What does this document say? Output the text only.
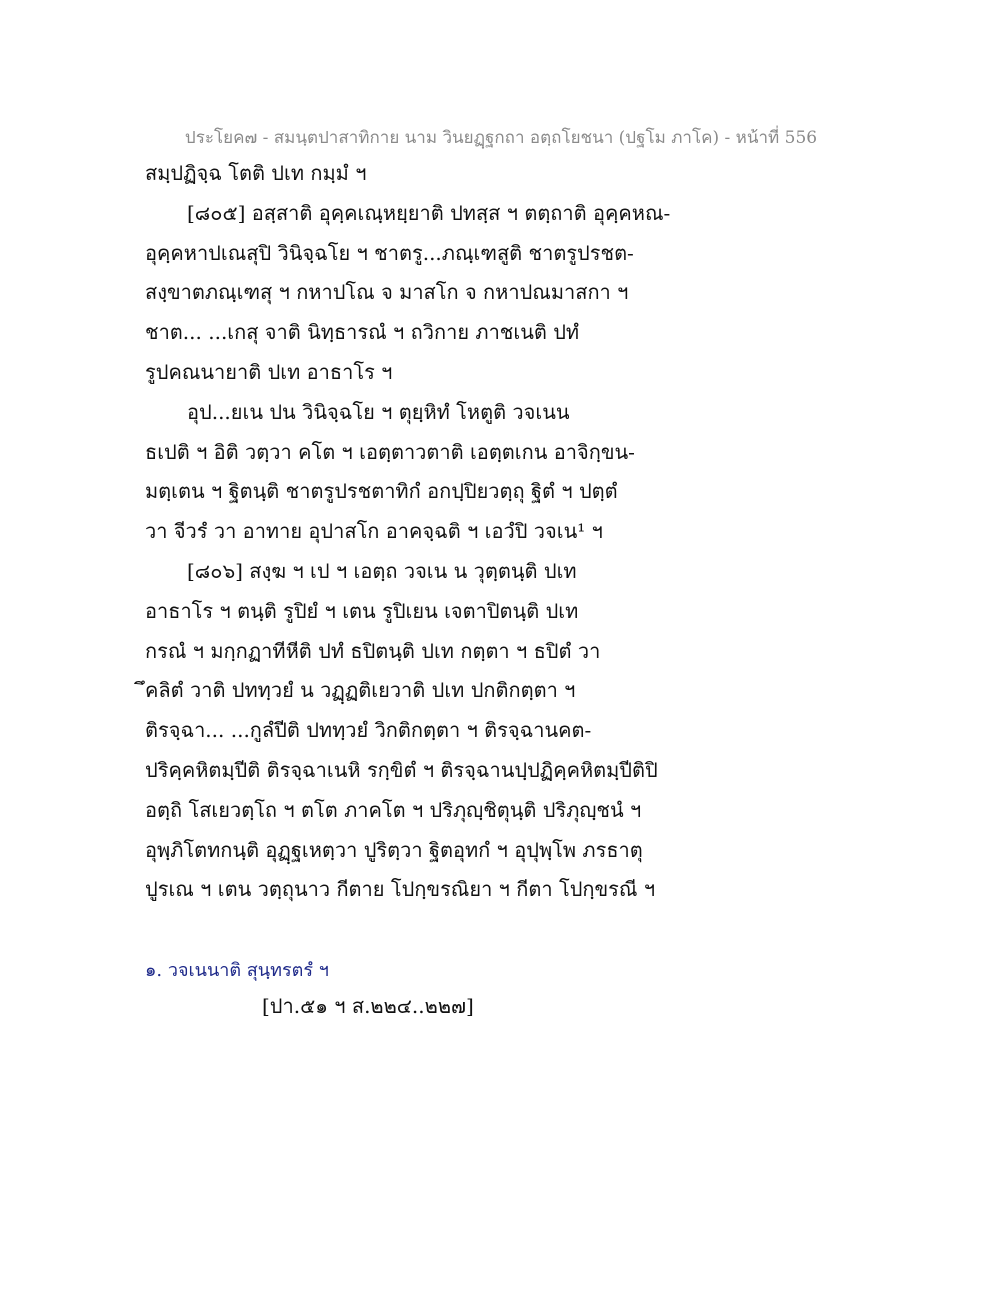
ประโยค๗ - สมนฺตปาสาทิกาย นาม วินยฏฺฐกถา อตฺถโยชนา (ปฐโม ภาโค) - หน้าที่ 556
สมฺปฏิจฺฉ โตติ ปเท กมฺมํ ฯ
[๘๐๕] อสฺสาติ อุคฺคเณฺหยฺยาติ ปทสฺส ฯ ตตฺถาติ อุคฺคหณ-
อุคฺคหาปเณสุปิ วินิจฺฉโย ฯ ชาตรู...ภณฺเฑสูติ ชาตรูปรชต-
สงฺขาตภณฺเฑสุ ฯ กหาปโณ จ มาสโก จ กหาปณมาสกา ฯ
ชาต... ...เกสุ จาติ นิทฺธารณํ ฯ ถวิกาย ภาชเนติ ปทํ
รูปคณนายาติ ปเท อาธาโร ฯ
อุป...ยเน ปน วินิจฺฉโย ฯ ตุยฺหิทํ โหตูติ วจเนน
ธเปติ ฯ อิติ วตฺวา คโต ฯ เอตฺตาวตาติ เอตฺตเกน อาจิกฺขน-
มตฺเตน ฯ ฐิตนฺติ ชาตรูปรชตาทิกํ อกปฺปิยวตฺถุ ฐิตํ ฯ ปตฺตํ
วา จีวรํ วา อาทาย อุปาสโก อาคจฺฉติ ฯ เอวํปิ วจเน¹ ฯ
[๘๐๖] สงฺฆ ฯ เป ฯ เอตฺถ วจเน น วุตฺตนฺติ ปเท
อาธาโร ฯ ตนฺติ รูปิยํ ฯ เตน รูปิเยน เจตาปิตนฺติ ปเท
กรณํ ฯ มกฺกฏาทีหีติ ปทํ ธปิตนฺติ ปเท กตฺตา ฯ ธปิตํ วา
ึคลิตํ วาติ ปททฺวยํ น วฏฺฏติเยวาติ ปเท ปกติกตฺตา ฯ
ติรจฺฉา... ...กูลํปีติ ปททฺวยํ วิกติกตฺตา ฯ ติรจฺฉานคต-
ปริคฺคหิตมฺปีติ ติรจฺฉาเนหิ รกฺขิตํ ฯ ติรจฺฉานปฺปฏิคฺคหิตมฺปีติปิ
อตฺถิ โสเยวตฺโถ ฯ ตโต ภาคโต ฯ ปริภุญฺชิตุนฺติ ปริภุญฺชนํ ฯ
อุพฺภิโตทกนฺติ อุฏฺฐเหตฺวา ปูริตฺวา ฐิตอุทกํ ฯ อุปุพฺโพ ภรธาตุ
ปูรเณ ฯ เตน วตฺถุนาว กีตาย โปกฺขรณิยา ฯ กีตา โปกฺขรณี ฯ
๑. วจเนนาติ สุนฺทรตรํ ฯ
[ปา.๕๑ ฯ ส.๒๒๔..๒๒๗]
